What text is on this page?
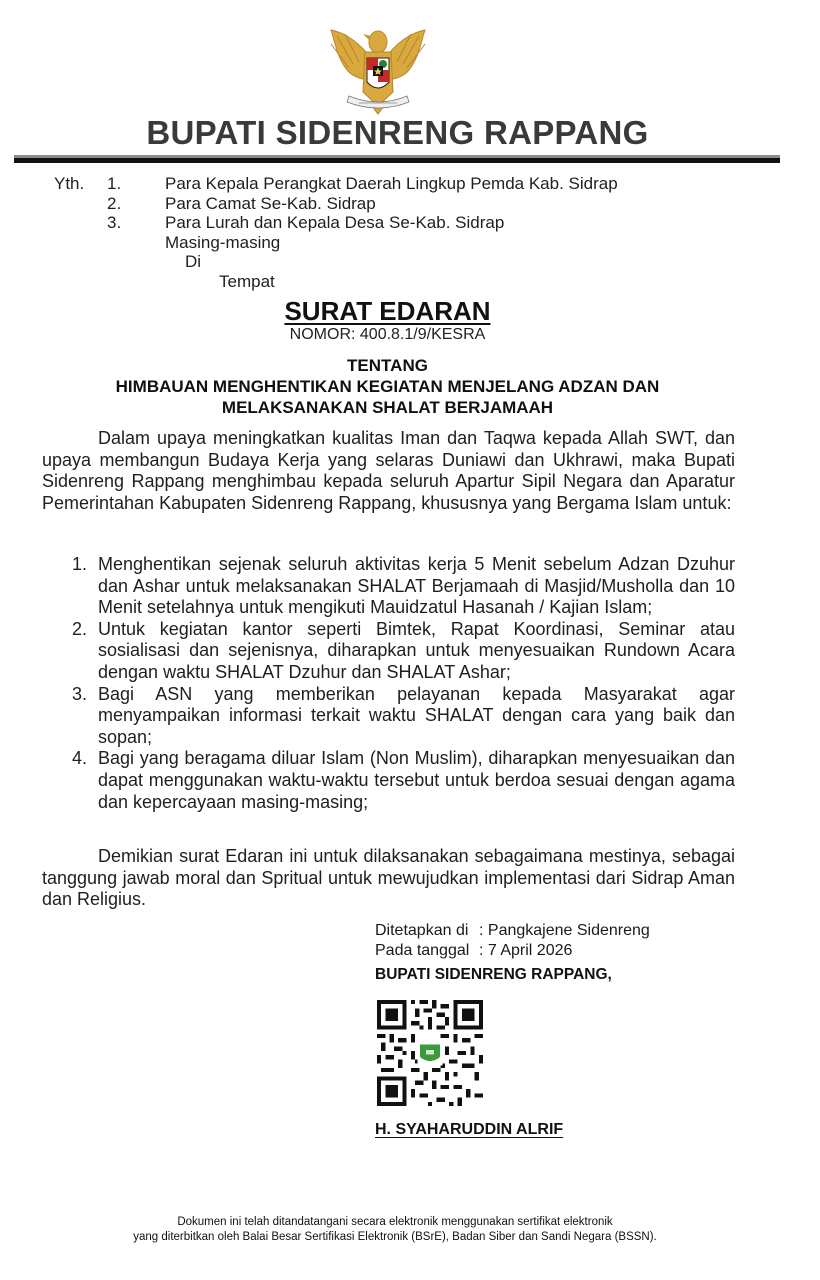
BUPATI SIDENRENG RAPPANG
Yth. 1.	Para Kepala Perangkat Daerah Lingkup Pemda Kab. Sidrap
2.	Para Camat Se-Kab. Sidrap
3.	Para Lurah dan Kepala Desa Se-Kab. Sidrap
Masing-masing
Di
Tempat
SURAT EDARAN
NOMOR: 400.8.1/9/KESRA
TENTANG
HIMBAUAN MENGHENTIKAN KEGIATAN MENJELANG ADZAN DAN
MELAKSANAKAN SHALAT BERJAMAAH
Dalam upaya meningkatkan kualitas Iman dan Taqwa kepada Allah SWT, dan upaya membangun Budaya Kerja yang selaras Duniawi dan Ukhrawi, maka Bupati Sidenreng Rappang menghimbau kepada seluruh Apartur Sipil Negara dan Aparatur Pemerintahan Kabupaten Sidenreng Rappang, khususnya yang Bergama Islam untuk:
1. Menghentikan sejenak seluruh aktivitas kerja 5 Menit sebelum Adzan Dzuhur dan Ashar untuk melaksanakan SHALAT Berjamaah di Masjid/Musholla dan 10 Menit setelahnya untuk mengikuti Mauidzatul Hasanah / Kajian Islam;
2. Untuk kegiatan kantor seperti Bimtek, Rapat Koordinasi, Seminar atau sosialisasi dan sejenisnya, diharapkan untuk menyesuaikan Rundown Acara dengan waktu SHALAT Dzuhur dan SHALAT Ashar;
3. Bagi ASN yang memberikan pelayanan kepada Masyarakat agar menyampaikan informasi terkait waktu SHALAT dengan cara yang baik dan sopan;
4. Bagi yang beragama diluar Islam (Non Muslim), diharapkan menyesuaikan dan dapat menggunakan waktu-waktu tersebut untuk berdoa sesuai dengan agama dan kepercayaan masing-masing;
Demikian surat Edaran ini untuk dilaksanakan sebagaimana mestinya, sebagai tanggung jawab moral dan Spritual untuk mewujudkan implementasi dari Sidrap Aman dan Religius.
Ditetapkan di : Pangkajene Sidenreng
Pada tanggal : 7 April 2026
BUPATI SIDENRENG RAPPANG,
H. SYAHARUDDIN ALRIF
Dokumen ini telah ditandatangani secara elektronik menggunakan sertifikat elektronik
yang diterbitkan oleh Balai Besar Sertifikasi Elektronik (BSrE), Badan Siber dan Sandi Negara (BSSN).
